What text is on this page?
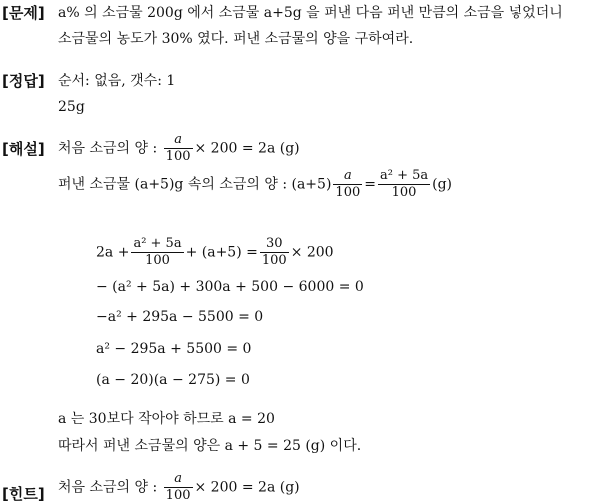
[문제] a% 의 소금물 200g 에서 소금물 a+5g 을 퍼낸 다음 퍼낸 만큼의 소금을 넣었더니
소금물의 농도가 30% 였다. 퍼낸 소금물의 양을 구하여라.
[정답] 순서: 없음, 갯수: 1
25g
[해설] 처음 소금의 양 : $\frac{a}{100} \times 200 = 2a$ (g)
퍼낸 소금물 (a+5)g 속의 소금의 양 : $(a+5) \frac{a}{100} = \frac{\text{a² + 5a}}{100} (g)$
$2a + \frac{\text{a² + 5a}}{100} + (a+5) = \frac{30}{100} \times 200$
− (a² + 5a) + 300a + 500 − 6000 = 0
−a² + 295a − 5500 = 0
a² − 295a + 5500 = 0
(a − 20)(a − 275) = 0
a 는 30보다 작아야 하므로 a = 20
따라서 퍼낸 소금물의 양은 a + 5 = 25 (g) 이다.
[힌트] 처음 소금의 양 : $\frac{a}{100} \times 200 = 2a$ (g)
